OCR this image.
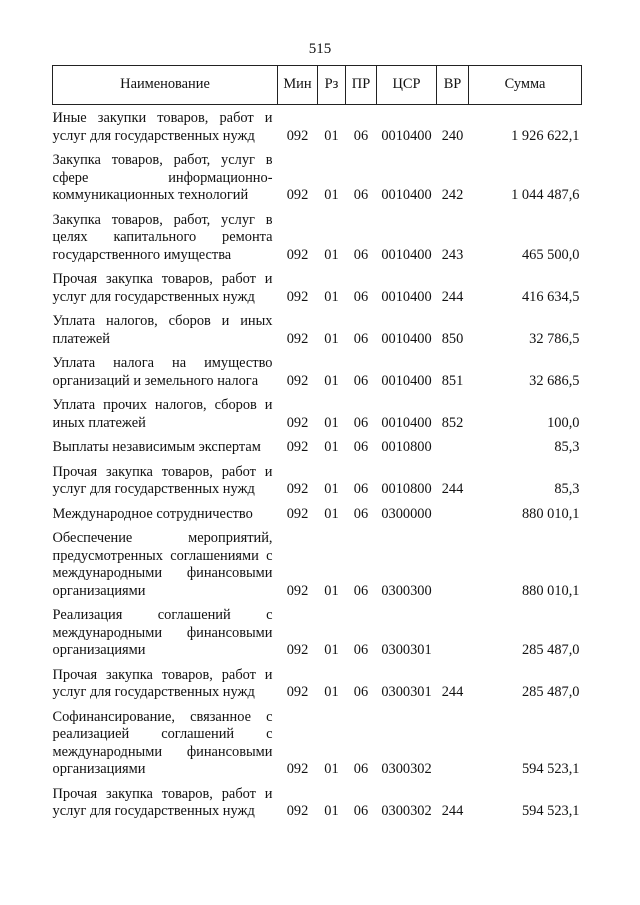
515
Наименование	Мин	Рз	ПР	ЦСР	ВР	Сумма
Иные закупки товаров, работ и услуг для государственных нужд	092	01	06	0010400	240	1 926 622,1
Закупка товаров, работ, услуг в сфере информационно-коммуникационных технологий	092	01	06	0010400	242	1 044 487,6
Закупка товаров, работ, услуг в целях капитального ремонта государственного имущества	092	01	06	0010400	243	465 500,0
Прочая закупка товаров, работ и услуг для государственных нужд	092	01	06	0010400	244	416 634,5
Уплата налогов, сборов и иных платежей	092	01	06	0010400	850	32 786,5
Уплата налога на имущество организаций и земельного налога	092	01	06	0010400	851	32 686,5
Уплата прочих налогов, сборов и иных платежей	092	01	06	0010400	852	100,0
Выплаты независимым экспертам	092	01	06	0010800		85,3
Прочая закупка товаров, работ и услуг для государственных нужд	092	01	06	0010800	244	85,3
Международное сотрудничество	092	01	06	0300000		880 010,1
Обеспечение мероприятий, предусмотренных соглашениями с международными финансовыми организациями	092	01	06	0300300		880 010,1
Реализация соглашений с международными финансовыми организациями	092	01	06	0300301		285 487,0
Прочая закупка товаров, работ и услуг для государственных нужд	092	01	06	0300301	244	285 487,0
Софинансирование, связанное с реализацией соглашений с международными финансовыми организациями	092	01	06	0300302		594 523,1
Прочая закупка товаров, работ и услуг для государственных нужд	092	01	06	0300302	244	594 523,1
